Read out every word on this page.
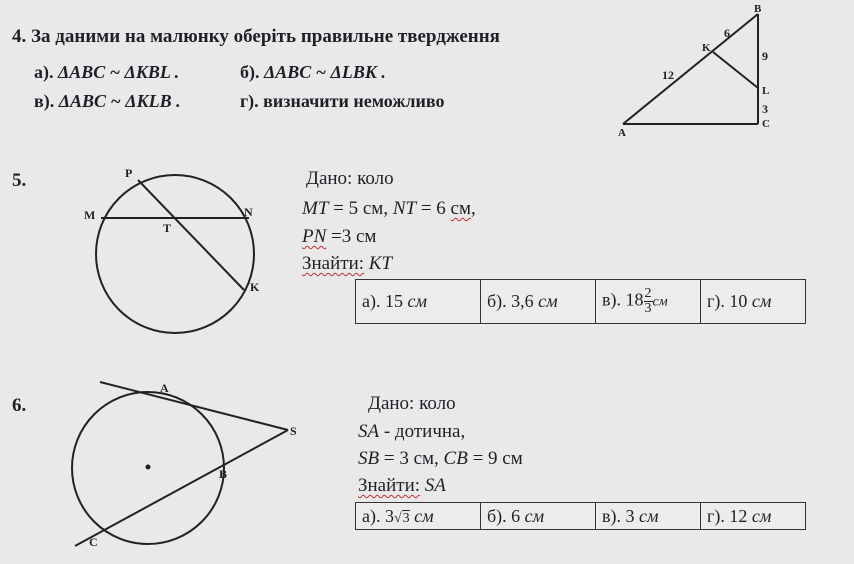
4. За даними на малюнку оберіть правильне твердження
а). ΔABC ~ ΔKBL .	б). ΔABC ~ ΔLBK .
в). ΔABC ~ ΔKLB .	г). визначити неможливо
B
K
L
C
A
6
12
9
3
5.	P
M	N
T
K
Дано: коло
MT = 5 см, NT = 6 см,
PN =3 см
Знайти: KT
а). 15 см	б). 3,6 см	в). $18 \frac{2}{3}$ см	г). 10 см
6.
A
S
B
C
Дано: коло
SA - дотична,
SB = 3 см, CB = 9 см
Знайти: SA
а). 3√3 см	б). 6 см	в). 3 см	г). 12 см
